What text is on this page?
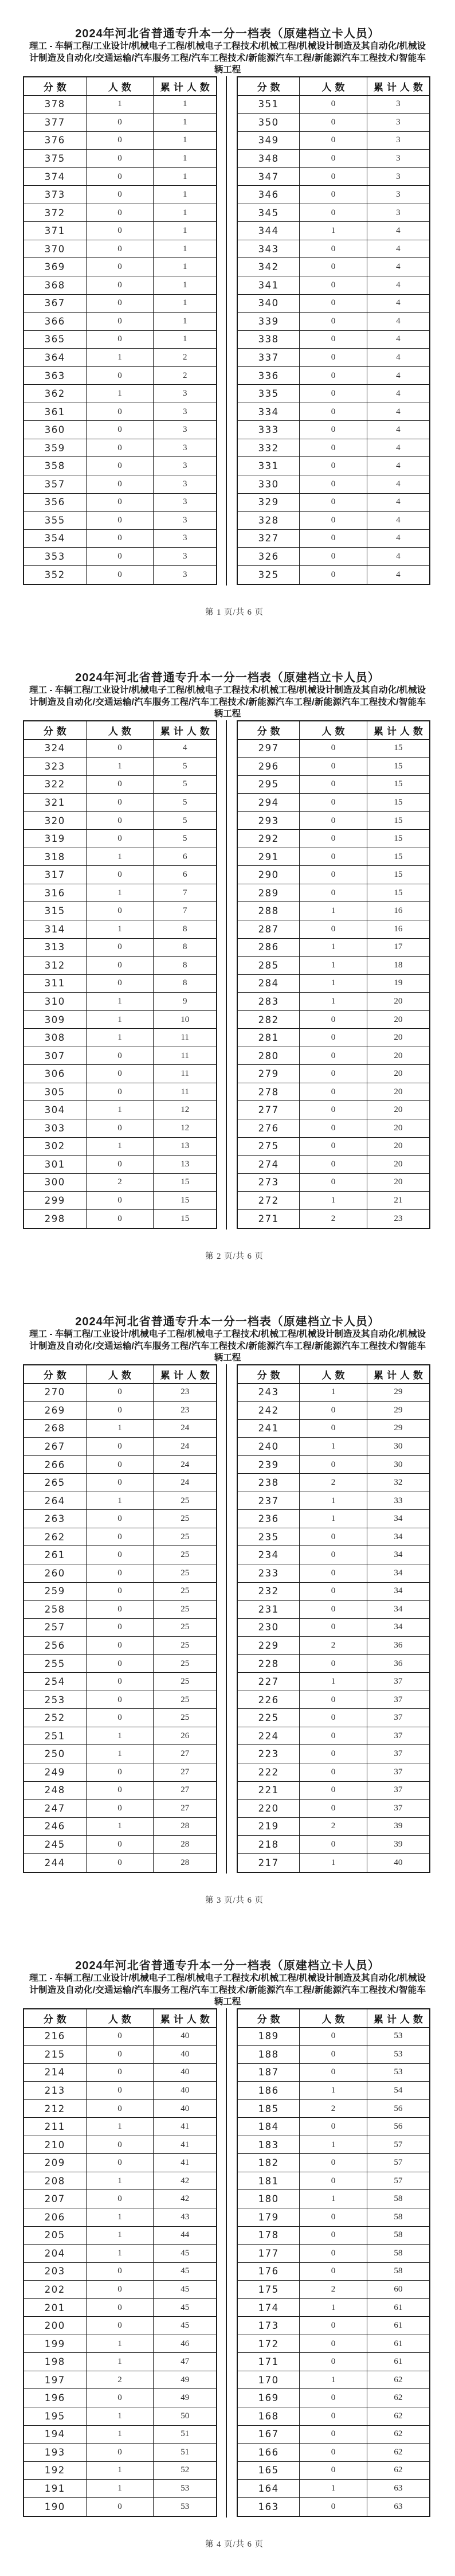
2024年河北省普通专升本一分一档表（原建档立卡人员）

理工 - 车辆工程/工业设计/机械电子工程/机械电子工程技术/机械工程/机械设计制造及其自动化/机械设计制造及自动化/交通运输/汽车服务工程/汽车工程技术/新能源汽车工程/新能源汽车工程技术/智能车辆工程

分数	人数	累计人数
378	1	1
377	0	1
376	0	1
375	0	1
374	0	1
373	0	1
372	0	1
371	0	1
370	0	1
369	0	1
368	0	1
367	0	1
366	0	1
365	0	1
364	1	2
363	0	2
362	1	3
361	0	3
360	0	3
359	0	3
358	0	3
357	0	3
356	0	3
355	0	3
354	0	3
353	0	3
352	0	3
分数	人数	累计人数
351	0	3
350	0	3
349	0	3
348	0	3
347	0	3
346	0	3
345	0	3
344	1	4
343	0	4
342	0	4
341	0	4
340	0	4
339	0	4
338	0	4
337	0	4
336	0	4
335	0	4
334	0	4
333	0	4
332	0	4
331	0	4
330	0	4
329	0	4
328	0	4
327	0	4
326	0	4
325	0	4
第 1 页/共 6 页
2024年河北省普通专升本一分一档表（原建档立卡人员）

理工 - 车辆工程/工业设计/机械电子工程/机械电子工程技术/机械工程/机械设计制造及其自动化/机械设计制造及自动化/交通运输/汽车服务工程/汽车工程技术/新能源汽车工程/新能源汽车工程技术/智能车辆工程

分数	人数	累计人数
324	0	4
323	1	5
322	0	5
321	0	5
320	0	5
319	0	5
318	1	6
317	0	6
316	1	7
315	0	7
314	1	8
313	0	8
312	0	8
311	0	8
310	1	9
309	1	10
308	1	11
307	0	11
306	0	11
305	0	11
304	1	12
303	0	12
302	1	13
301	0	13
300	2	15
299	0	15
298	0	15
分数	人数	累计人数
297	0	15
296	0	15
295	0	15
294	0	15
293	0	15
292	0	15
291	0	15
290	0	15
289	0	15
288	1	16
287	0	16
286	1	17
285	1	18
284	1	19
283	1	20
282	0	20
281	0	20
280	0	20
279	0	20
278	0	20
277	0	20
276	0	20
275	0	20
274	0	20
273	0	20
272	1	21
271	2	23
第 2 页/共 6 页
2024年河北省普通专升本一分一档表（原建档立卡人员）

理工 - 车辆工程/工业设计/机械电子工程/机械电子工程技术/机械工程/机械设计制造及其自动化/机械设计制造及自动化/交通运输/汽车服务工程/汽车工程技术/新能源汽车工程/新能源汽车工程技术/智能车辆工程

分数	人数	累计人数
270	0	23
269	0	23
268	1	24
267	0	24
266	0	24
265	0	24
264	1	25
263	0	25
262	0	25
261	0	25
260	0	25
259	0	25
258	0	25
257	0	25
256	0	25
255	0	25
254	0	25
253	0	25
252	0	25
251	1	26
250	1	27
249	0	27
248	0	27
247	0	27
246	1	28
245	0	28
244	0	28
分数	人数	累计人数
243	1	29
242	0	29
241	0	29
240	1	30
239	0	30
238	2	32
237	1	33
236	1	34
235	0	34
234	0	34
233	0	34
232	0	34
231	0	34
230	0	34
229	2	36
228	0	36
227	1	37
226	0	37
225	0	37
224	0	37
223	0	37
222	0	37
221	0	37
220	0	37
219	2	39
218	0	39
217	1	40
第 3 页/共 6 页
2024年河北省普通专升本一分一档表（原建档立卡人员）

理工 - 车辆工程/工业设计/机械电子工程/机械电子工程技术/机械工程/机械设计制造及其自动化/机械设计制造及自动化/交通运输/汽车服务工程/汽车工程技术/新能源汽车工程/新能源汽车工程技术/智能车辆工程

分数	人数	累计人数
216	0	40
215	0	40
214	0	40
213	0	40
212	0	40
211	1	41
210	0	41
209	0	41
208	1	42
207	0	42
206	1	43
205	1	44
204	1	45
203	0	45
202	0	45
201	0	45
200	0	45
199	1	46
198	1	47
197	2	49
196	0	49
195	1	50
194	1	51
193	0	51
192	1	52
191	1	53
190	0	53
分数	人数	累计人数
189	0	53
188	0	53
187	0	53
186	1	54
185	2	56
184	0	56
183	1	57
182	0	57
181	0	57
180	1	58
179	0	58
178	0	58
177	0	58
176	0	58
175	2	60
174	1	61
173	0	61
172	0	61
171	0	61
170	1	62
169	0	62
168	0	62
167	0	62
166	0	62
165	0	62
164	1	63
163	0	63
第 4 页/共 6 页
